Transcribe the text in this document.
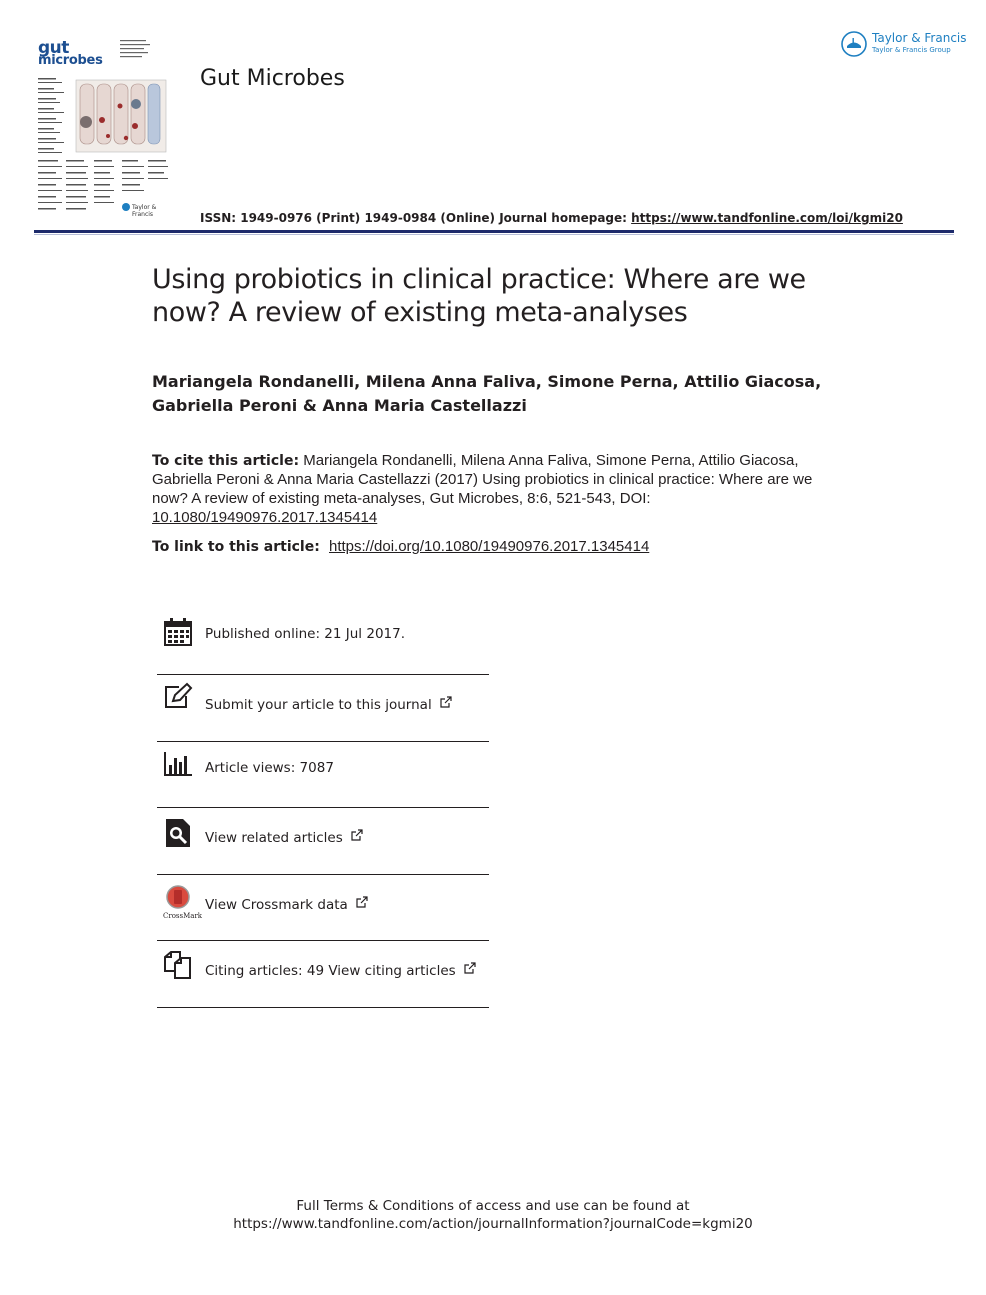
gut
microbes
Taylor & Francis
Gut Microbes
Taylor & Francis
Taylor & Francis Group
ISSN: 1949-0976 (Print) 1949-0984 (Online) Journal homepage: https://www.tandfonline.com/loi/kgmi20
Using probiotics in clinical practice: Where are we now? A review of existing meta-analyses

Mariangela Rondanelli, Milena Anna Faliva, Simone Perna, Attilio Giacosa, Gabriella Peroni & Anna Maria Castellazzi

To cite this article: Mariangela Rondanelli, Milena Anna Faliva, Simone Perna, Attilio Giacosa, Gabriella Peroni & Anna Maria Castellazzi (2017) Using probiotics in clinical practice: Where are we now? A review of existing meta-analyses, Gut Microbes, 8:6, 521-543, DOI: 10.1080/19490976.2017.1345414
To link to this article: https://doi.org/10.1080/19490976.2017.1345414
Published online: 21 Jul 2017.
Submit your article to this journal
Article views: 7087
View related articles
CrossMark
View Crossmark data
Citing articles: 49 View citing articles
Full Terms & Conditions of access and use can be found at
https://www.tandfonline.com/action/journalInformation?journalCode=kgmi20
